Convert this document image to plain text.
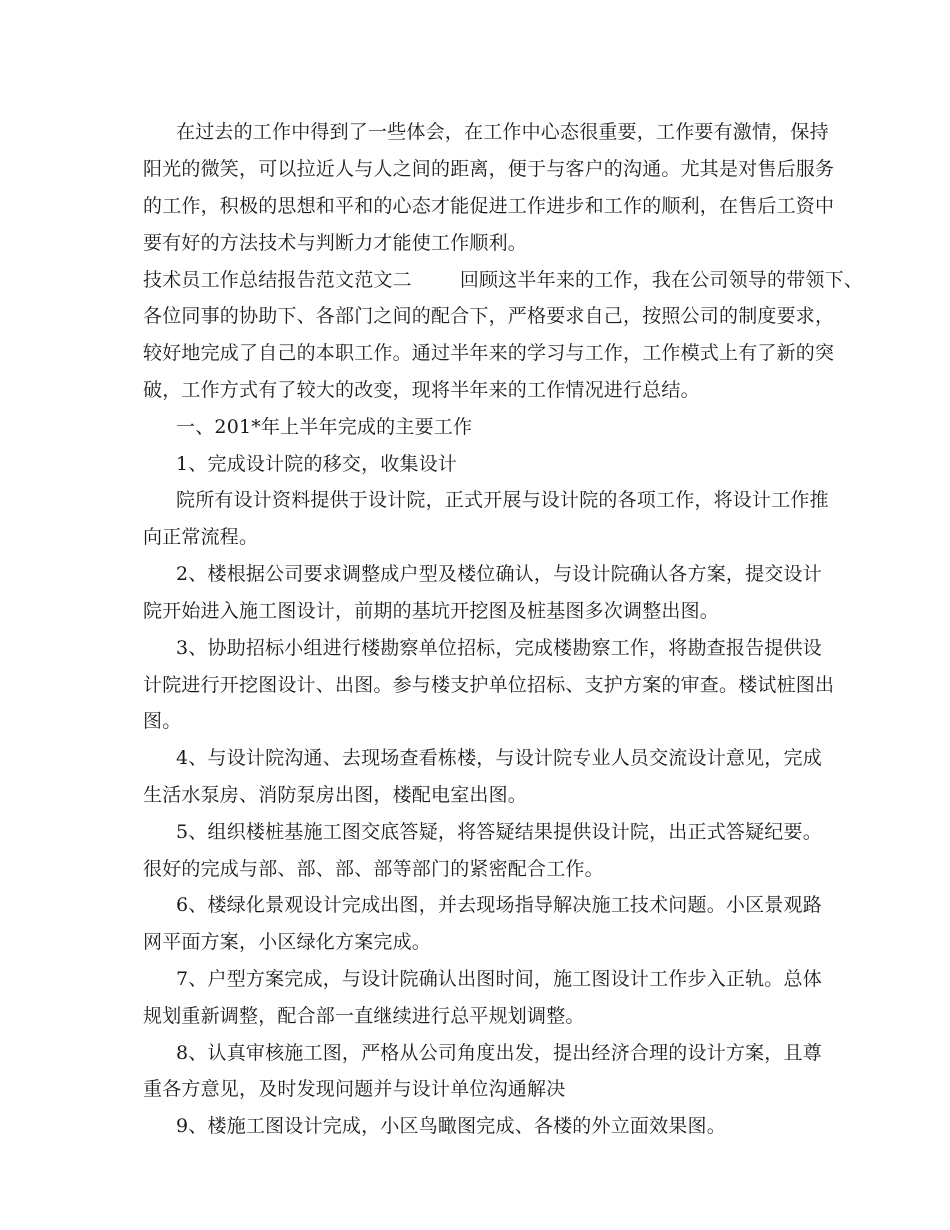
在过去的工作中得到了一些体会，在工作中心态很重要，工作要有激情，保持
阳光的微笑，可以拉近人与人之间的距离，便于与客户的沟通。尤其是对售后服务
的工作，积极的思想和平和的心态才能促进工作进步和工作的顺利，在售后工资中
要有好的方法技术与判断力才能使工作顺利。
技术员工作总结报告范文范文二	回顾这半年来的工作，我在公司领导的带领下、
各位同事的协助下、各部门之间的配合下，严格要求自己，按照公司的制度要求，
较好地完成了自己的本职工作。通过半年来的学习与工作，工作模式上有了新的突
破，工作方式有了较大的改变，现将半年来的工作情况进行总结。
一、201*年上半年完成的主要工作
1、完成设计院的移交，收集设计
院所有设计资料提供于设计院，正式开展与设计院的各项工作，将设计工作推
向正常流程。
2、楼根据公司要求调整成户型及楼位确认，与设计院确认各方案，提交设计
院开始进入施工图设计，前期的基坑开挖图及桩基图多次调整出图。
3、协助招标小组进行楼勘察单位招标，完成楼勘察工作，将勘查报告提供设
计院进行开挖图设计、出图。参与楼支护单位招标、支护方案的审查。楼试桩图出
图。
4、与设计院沟通、去现场查看栋楼，与设计院专业人员交流设计意见，完成
生活水泵房、消防泵房出图，楼配电室出图。
5、组织楼桩基施工图交底答疑，将答疑结果提供设计院，出正式答疑纪要。
很好的完成与部、部、部、部等部门的紧密配合工作。
6、楼绿化景观设计完成出图，并去现场指导解决施工技术问题。小区景观路
网平面方案，小区绿化方案完成。
7、户型方案完成，与设计院确认出图时间，施工图设计工作步入正轨。总体
规划重新调整，配合部一直继续进行总平规划调整。
8、认真审核施工图，严格从公司角度出发，提出经济合理的设计方案，且尊
重各方意见，及时发现问题并与设计单位沟通解决
9、楼施工图设计完成，小区鸟瞰图完成、各楼的外立面效果图。
